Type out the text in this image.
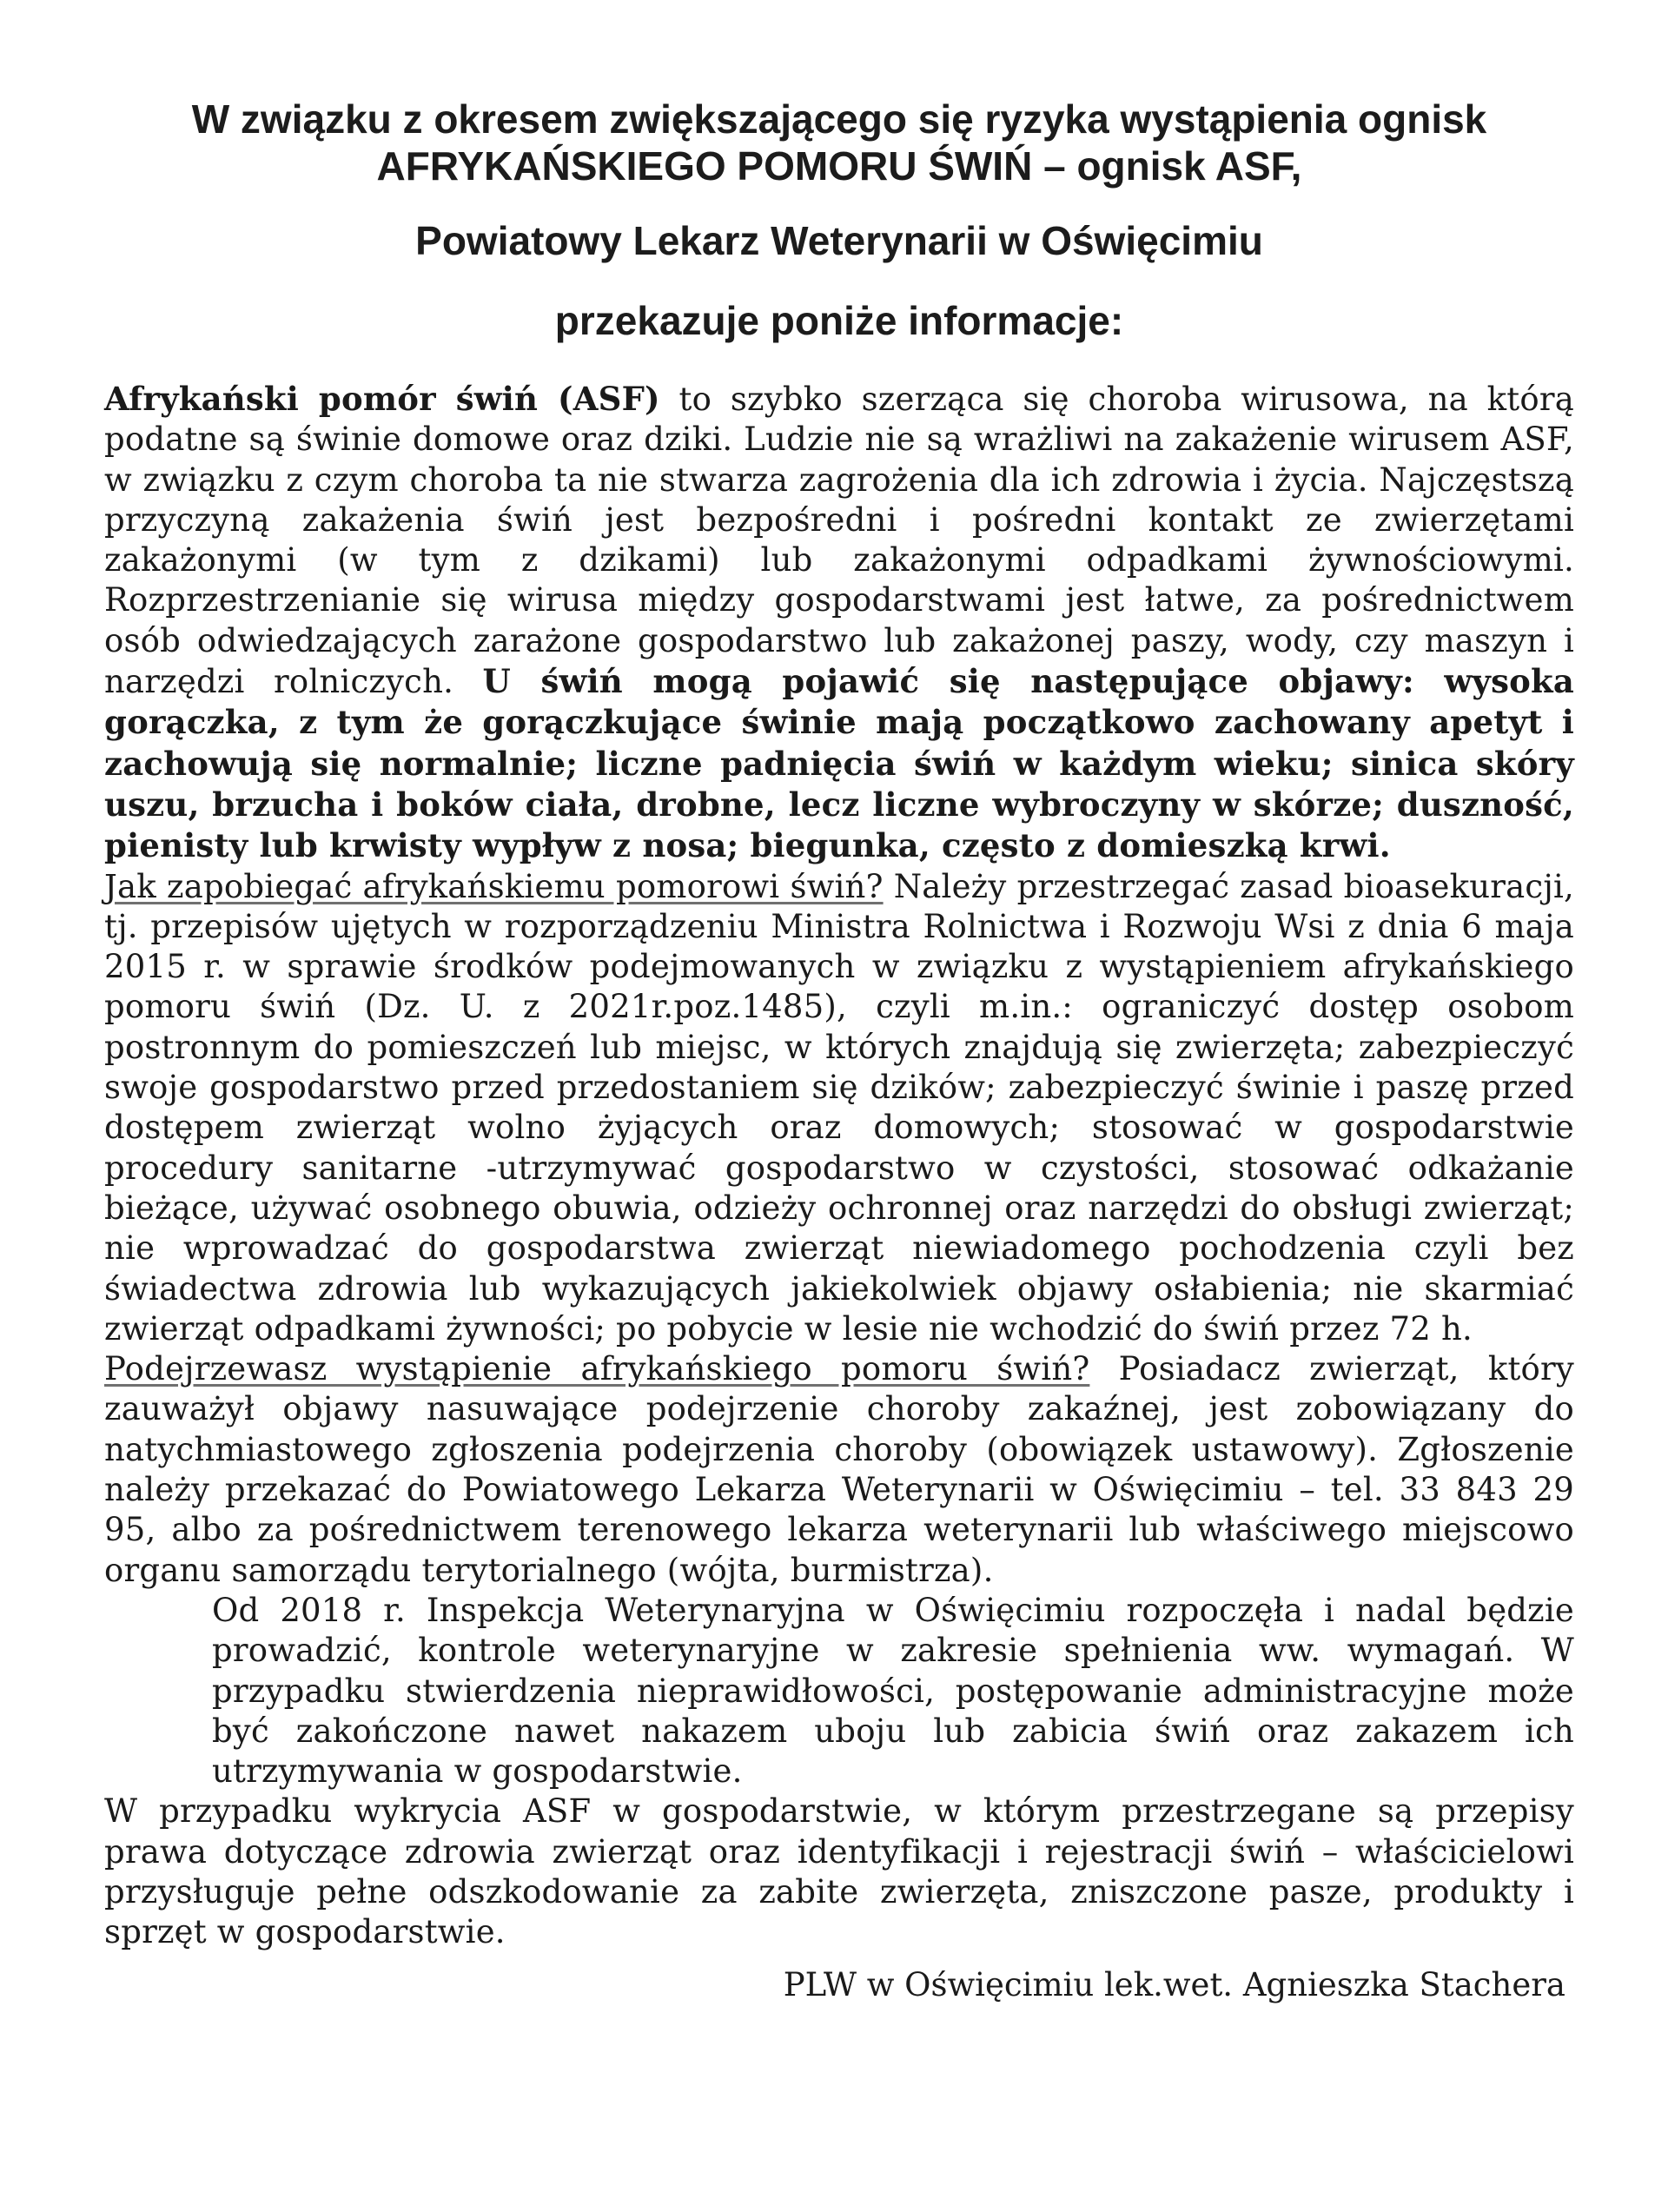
W związku z okresem zwiększającego się ryzyka wystąpienia ognisk

AFRYKAŃSKIEGO POMORU ŚWIŃ – ognisk ASF,

Powiatowy Lekarz Weterynarii w Oświęcimiu

przekazuje poniże informacje:

Afrykański pomór świń (ASF) to szybko szerząca się choroba wirusowa, na którą podatne są świnie domowe oraz dziki. Ludzie nie są wrażliwi na zakażenie wirusem ASF, w związku z czym choroba ta nie stwarza zagrożenia dla ich zdrowia i życia. Najczęstszą przyczyną zakażenia świń jest bezpośredni i pośredni kontakt ze zwierzętami zakażonymi (w tym z dzikami) lub zakażonymi odpadkami żywnościowymi. Rozprzestrzenianie się wirusa między gospodarstwami jest łatwe, za pośrednictwem osób odwiedzających zarażone gospodarstwo lub zakażonej paszy, wody, czy maszyn i narzędzi rolniczych. U świń mogą pojawić się następujące objawy: wysoka gorączka, z tym że gorączkujące świnie mają początkowo zachowany apetyt i zachowują się normalnie; liczne padnięcia świń w każdym wieku; sinica skóry uszu, brzucha i boków ciała, drobne, lecz liczne wybroczyny w skórze; duszność, pienisty lub krwisty wypływ z nosa; biegunka, często z domieszką krwi.

Jak zapobiegać afrykańskiemu pomorowi świń? Należy przestrzegać zasad bioasekuracji, tj. przepisów ujętych w rozporządzeniu Ministra Rolnictwa i Rozwoju Wsi z dnia 6 maja 2015 r. w sprawie środków podejmowanych w związku z wystąpieniem afrykańskiego pomoru świń (Dz. U. z 2021r.poz.1485), czyli m.in.: ograniczyć dostęp osobom postronnym do pomieszczeń lub miejsc, w których znajdują się zwierzęta; zabezpieczyć swoje gospodarstwo przed przedostaniem się dzików; zabezpieczyć świnie i paszę przed dostępem zwierząt wolno żyjących oraz domowych; stosować w gospodarstwie procedury sanitarne -utrzymywać gospodarstwo w czystości, stosować odkażanie bieżące, używać osobnego obuwia, odzieży ochronnej oraz narzędzi do obsługi zwierząt; nie wprowadzać do gospodarstwa zwierząt niewiadomego pochodzenia czyli bez świadectwa zdrowia lub wykazujących jakiekolwiek objawy osłabienia; nie skarmiać zwierząt odpadkami żywności; po pobycie w lesie nie wchodzić do świń przez 72 h.

Podejrzewasz wystąpienie afrykańskiego pomoru świń? Posiadacz zwierząt, który zauważył objawy nasuwające podejrzenie choroby zakaźnej, jest zobowiązany do natychmiastowego zgłoszenia podejrzenia choroby (obowiązek ustawowy). Zgłoszenie należy przekazać do Powiatowego Lekarza Weterynarii w Oświęcimiu – tel. 33 843 29 95, albo za pośrednictwem terenowego lekarza weterynarii lub właściwego miejscowo organu samorządu terytorialnego (wójta, burmistrza).

Od 2018 r. Inspekcja Weterynaryjna w Oświęcimiu rozpoczęła i nadal będzie prowadzić, kontrole weterynaryjne w zakresie spełnienia ww. wymagań. W przypadku stwierdzenia nieprawidłowości, postępowanie administracyjne może być zakończone nawet nakazem uboju lub zabicia świń oraz zakazem ich utrzymywania w gospodarstwie.

W przypadku wykrycia ASF w gospodarstwie, w którym przestrzegane są przepisy prawa dotyczące zdrowia zwierząt oraz identyfikacji i rejestracji świń – właścicielowi przysługuje pełne odszkodowanie za zabite zwierzęta, zniszczone pasze, produkty i sprzęt w gospodarstwie.

PLW w Oświęcimiu lek.wet. Agnieszka Stachera
